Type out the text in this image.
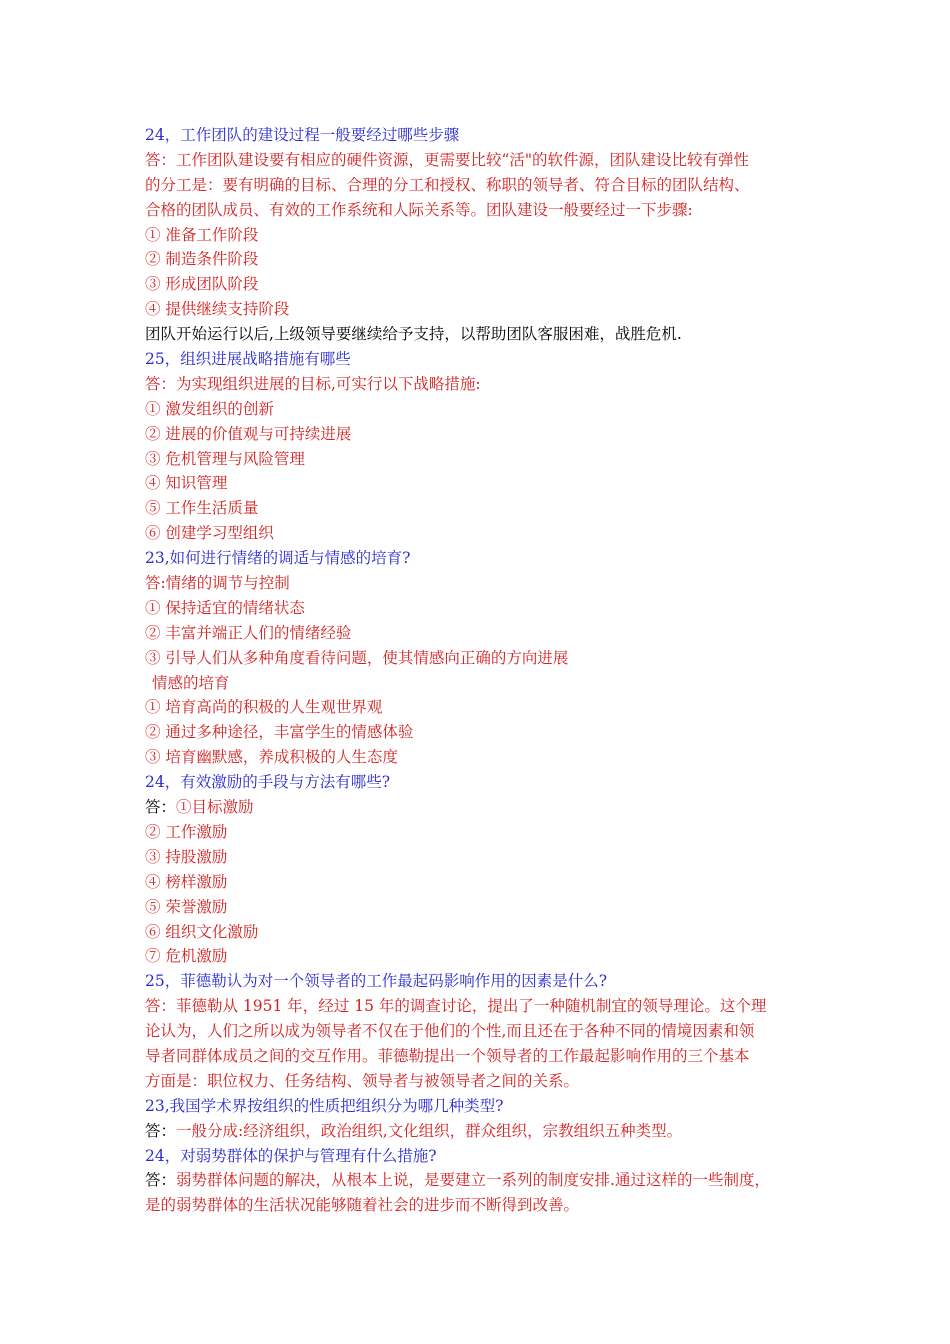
24，工作团队的建设过程一般要经过哪些步骤
答：工作团队建设要有相应的硬件资源，更需要比较“活"的软件源，团队建设比较有弹性
的分工是：要有明确的目标、合理的分工和授权、称职的领导者、符合目标的团队结构、
合格的团队成员、有效的工作系统和人际关系等。团队建设一般要经过一下步骤:
① 准备工作阶段
② 制造条件阶段
③ 形成团队阶段
④ 提供继续支持阶段
团队开始运行以后,上级领导要继续给予支持，以帮助团队客服困难，战胜危机.
25，组织进展战略措施有哪些
答：为实现组织进展的目标,可实行以下战略措施:
① 激发组织的创新
② 进展的价值观与可持续进展
③ 危机管理与风险管理
④ 知识管理
⑤ 工作生活质量
⑥ 创建学习型组织
23,如何进行情绪的调适与情感的培育?
答:情绪的调节与控制
① 保持适宜的情绪状态
② 丰富并端正人们的情绪经验
③ 引导人们从多种角度看待问题，使其情感向正确的方向进展
情感的培育
① 培育高尚的积极的人生观世界观
② 通过多种途径，丰富学生的情感体验
③ 培育幽默感，养成积极的人生态度
24，有效激励的手段与方法有哪些?
答：①目标激励
② 工作激励
③ 持股激励
④ 榜样激励
⑤ 荣誉激励
⑥ 组织文化激励
⑦ 危机激励
25，菲德勒认为对一个领导者的工作最起码影响作用的因素是什么?
答：菲德勒从 1951 年，经过 15 年的调查讨论，提出了一种随机制宜的领导理论。这个理
论认为，人们之所以成为领导者不仅在于他们的个性,而且还在于各种不同的情境因素和领
导者同群体成员之间的交互作用。菲德勒提出一个领导者的工作最起影响作用的三个基本
方面是：职位权力、任务结构、领导者与被领导者之间的关系。
23,我国学术界按组织的性质把组织分为哪几种类型?
答：一般分成:经济组织，政治组织,文化组织，群众组织，宗教组织五种类型。
24，对弱势群体的保护与管理有什么措施?
答：弱势群体问题的解决，从根本上说，是要建立一系列的制度安排.通过这样的一些制度，
是的弱势群体的生活状况能够随着社会的进步而不断得到改善。
